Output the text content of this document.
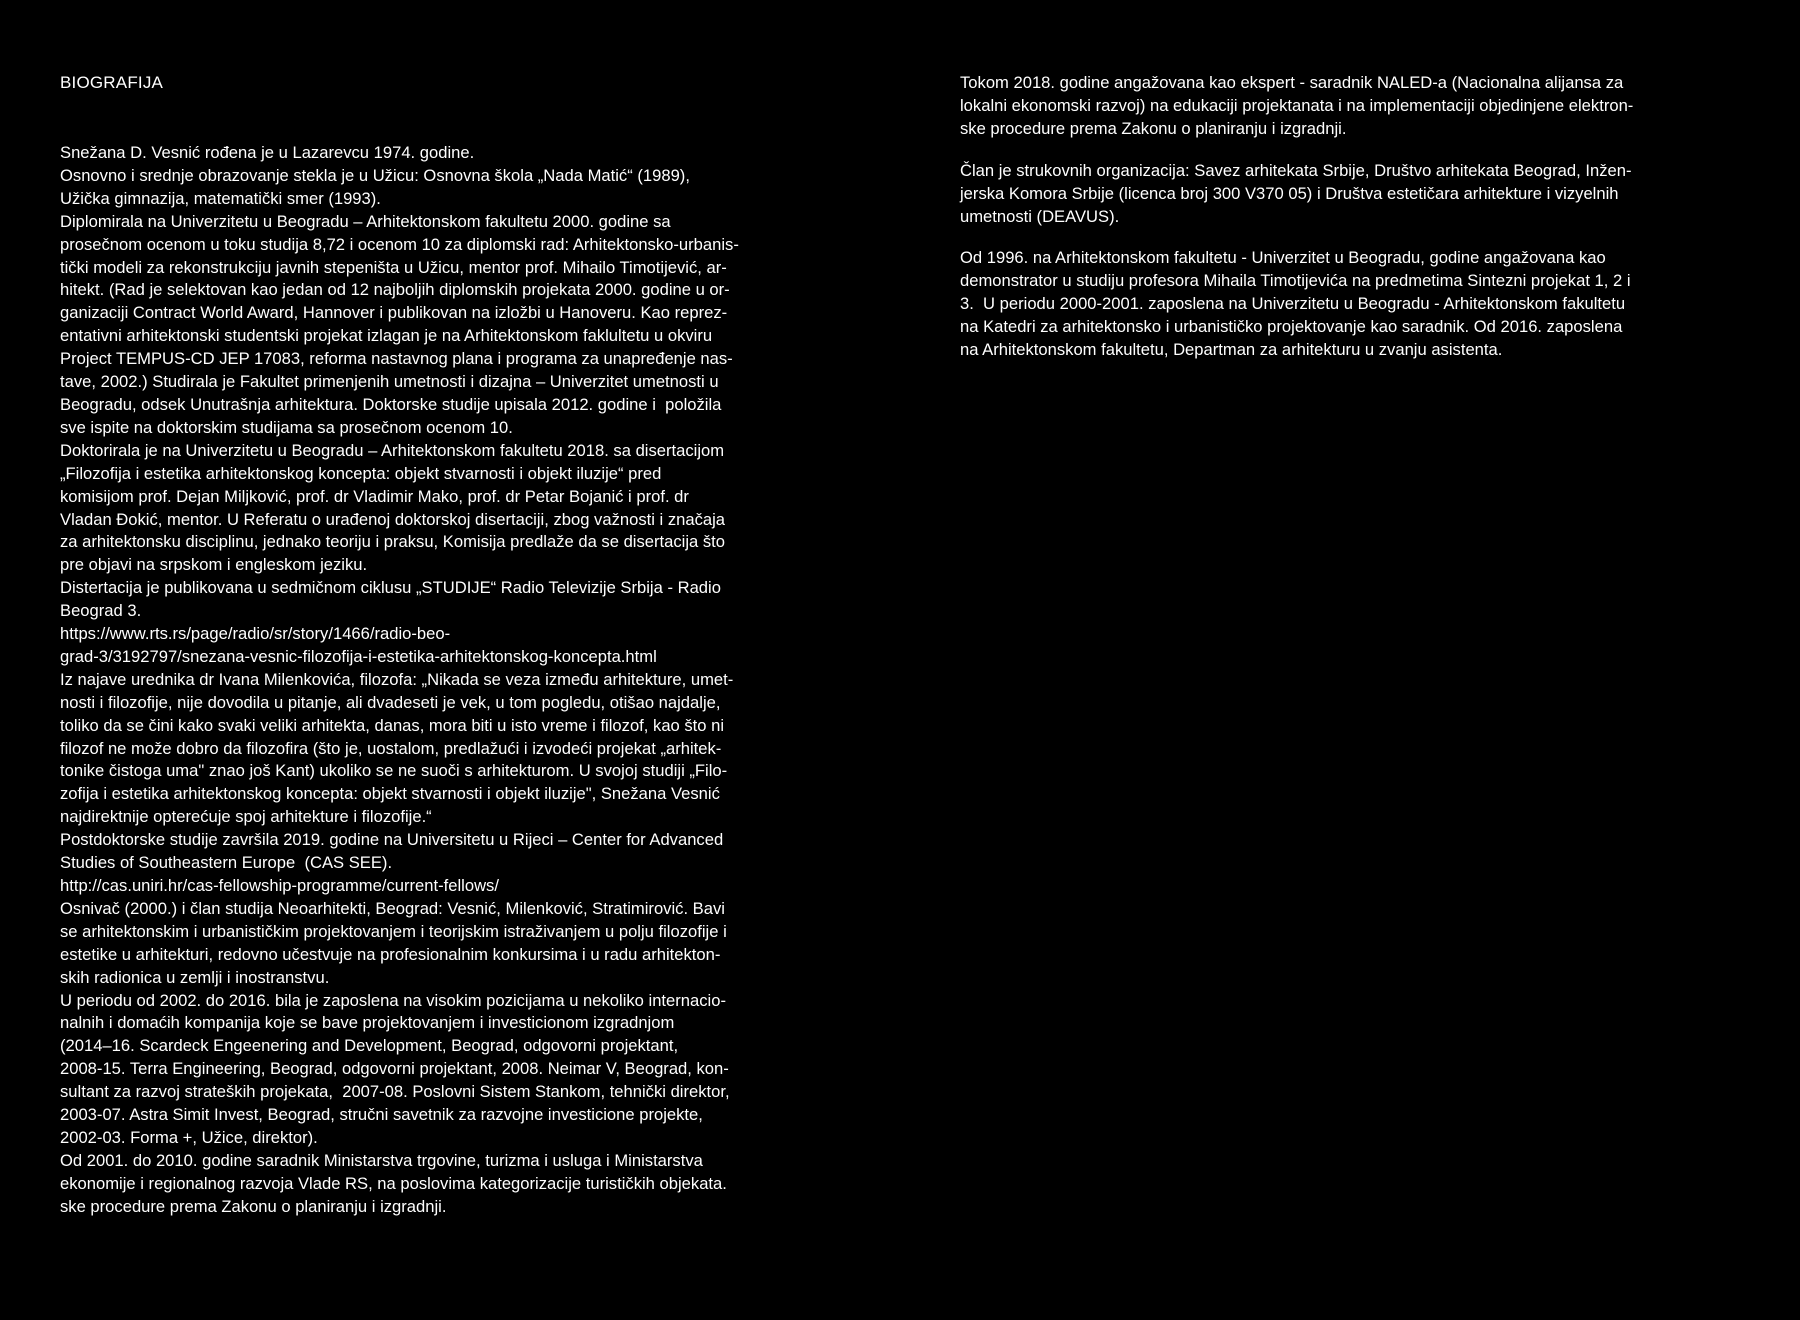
BIOGRAFIJA
Snežana D. Vesnić rođena je u Lazarevcu 1974. godine.
Osnovno i srednje obrazovanje stekla je u Užicu: Osnovna škola „Nada Matić“ (1989),
Užička gimnazija, matematički smer (1993).
Diplomirala na Univerzitetu u Beogradu – Arhitektonskom fakultetu 2000. godine sa
prosečnom ocenom u toku studija 8,72 i ocenom 10 za diplomski rad: Arhitektonsko-urbanis-
tički modeli za rekonstrukciju javnih stepeništa u Užicu, mentor prof. Mihailo Timotijević, ar-
hitekt. (Rad je selektovan kao jedan od 12 najboljih diplomskih projekata 2000. godine u or-
ganizaciji Contract World Award, Hannover i publikovan na izložbi u Hanoveru. Kao reprez-
entativni arhitektonski studentski projekat izlagan je na Arhitektonskom faklultetu u okviru
Project TEMPUS-CD JEP 17083, reforma nastavnog plana i programa za unapređenje nas-
tave, 2002.) Studirala je Fakultet primenjenih umetnosti i dizajna – Univerzitet umetnosti u
Beogradu, odsek Unutrašnja arhitektura. Doktorske studije upisala 2012. godine i  položila
sve ispite na doktorskim studijama sa prosečnom ocenom 10.
Doktorirala je na Univerzitetu u Beogradu – Arhitektonskom fakultetu 2018. sa disertacijom
„Filozofija i estetika arhitektonskog koncepta: objekt stvarnosti i objekt iluzije“ pred
komisijom prof. Dejan Miljković, prof. dr Vladimir Mako, prof. dr Petar Bojanić i prof. dr
Vladan Đokić, mentor. U Referatu o urađenoj doktorskoj disertaciji, zbog važnosti i značaja
za arhitektonsku disciplinu, jednako teoriju i praksu, Komisija predlaže da se disertacija što
pre objavi na srpskom i engleskom jeziku.
Distertacija je publikovana u sedmičnom ciklusu „STUDIJE“ Radio Televizije Srbija - Radio
Beograd 3.
https://www.rts.rs/page/radio/sr/story/1466/radio-beo-
grad-3/3192797/snezana-vesnic-filozofija-i-estetika-arhitektonskog-koncepta.html
Iz najave urednika dr Ivana Milenkovića, filozofa: „Nikada se veza između arhitekture, umet-
nosti i filozofije, nije dovodila u pitanje, ali dvadeseti je vek, u tom pogledu, otišao najdalje,
toliko da se čini kako svaki veliki arhitekta, danas, mora biti u isto vreme i filozof, kao što ni
filozof ne može dobro da filozofira (što je, uostalom, predlažući i izvodeći projekat „arhitek-
tonike čistoga uma" znao još Kant) ukoliko se ne suoči s arhitekturom. U svojoj studiji „Filo-
zofija i estetika arhitektonskog koncepta: objekt stvarnosti i objekt iluzije", Snežana Vesnić
najdirektnije opterećuje spoj arhitekture i filozofije.“
Postdoktorske studije završila 2019. godine na Universitetu u Rijeci – Center for Advanced
Studies of Southeastern Europe  (CAS SEE).
http://cas.uniri.hr/cas-fellowship-programme/current-fellows/
Osnivač (2000.) i član studija Neoarhitekti, Beograd: Vesnić, Milenković, Stratimirović. Bavi
se arhitektonskim i urbanističkim projektovanjem i teorijskim istraživanjem u polju filozofije i
estetike u arhitekturi, redovno učestvuje na profesionalnim konkursima i u radu arhitekton-
skih radionica u zemlji i inostranstvu.
U periodu od 2002. do 2016. bila je zaposlena na visokim pozicijama u nekoliko internacio-
nalnih i domaćih kompanija koje se bave projektovanjem i investicionom izgradnjom
(2014–16. Scardeck Engeenering and Development, Beograd, odgovorni projektant,
2008-15. Terra Engineering, Beograd, odgovorni projektant, 2008. Neimar V, Beograd, kon-
sultant za razvoj strateških projekata,  2007-08. Poslovni Sistem Stankom, tehnički direktor,
2003-07. Astra Simit Invest, Beograd, stručni savetnik za razvojne investicione projekte,
2002-03. Forma +, Užice, direktor).
Od 2001. do 2010. godine saradnik Ministarstva trgovine, turizma i usluga i Ministarstva
ekonomije i regionalnog razvoja Vlade RS, na poslovima kategorizacije turističkih objekata.
ske procedure prema Zakonu o planiranju i izgradnji.
Tokom 2018. godine angažovana kao ekspert - saradnik NALED-a (Nacionalna alijansa za
lokalni ekonomski razvoj) na edukaciji projektanata i na implementaciji objedinjene elektron-
ske procedure prema Zakonu o planiranju i izgradnji.
Član je strukovnih organizacija: Savez arhitekata Srbije, Društvo arhitekata Beograd, Inžen-
jerska Komora Srbije (licenca broj 300 V370 05) i Društva estetičara arhitekture i vizyelnih
umetnosti (DEAVUS).
Od 1996. na Arhitektonskom fakultetu - Univerzitet u Beogradu, godine angažovana kao
demonstrator u studiju profesora Mihaila Timotijevića na predmetima Sintezni projekat 1, 2 i
3.  U periodu 2000-2001. zaposlena na Univerzitetu u Beogradu - Arhitektonskom fakultetu
na Katedri za arhitektonsko i urbanističko projektovanje kao saradnik. Od 2016. zaposlena
na Arhitektonskom fakultetu, Departman za arhitekturu u zvanju asistenta.
